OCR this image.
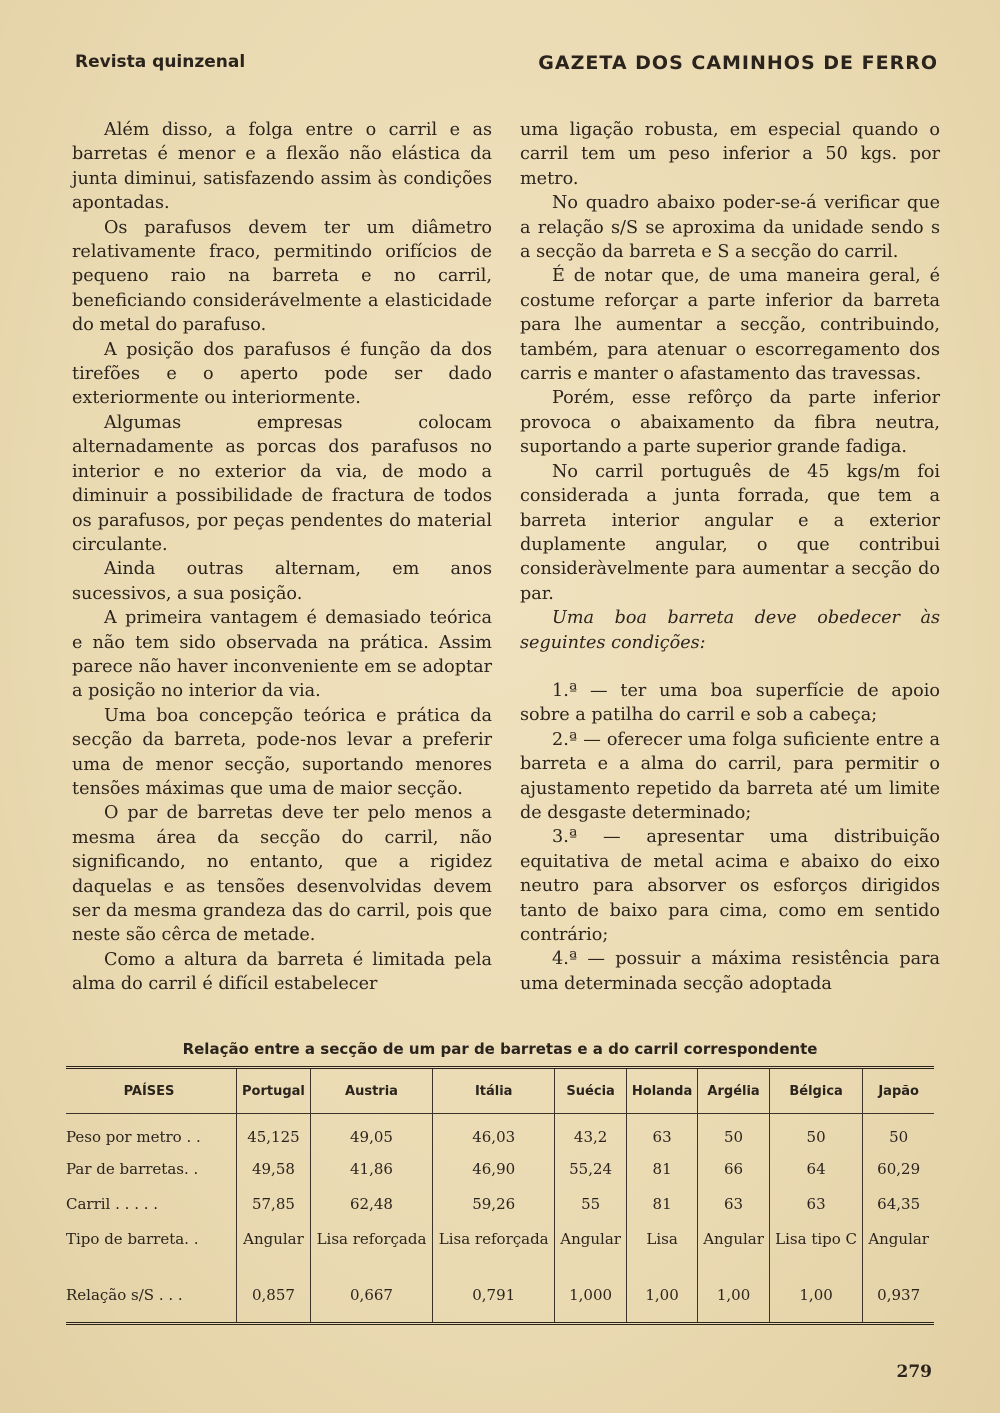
Revista quinzenal	GAZETA DOS CAMINHOS DE FERRO

Além disso, a folga entre o carril e as barretas é menor e a flexão não elástica da junta diminui, satisfazendo assim às condições apontadas.

Os parafusos devem ter um diâmetro relativamente fraco, permitindo orifícios de pequeno raio na barreta e no carril, beneficiando considerávelmente a elasticidade do metal do parafuso.

A posição dos parafusos é função da dos tirefões e o aperto pode ser dado exteriormente ou interiormente.

Algumas empresas colocam alternadamente as porcas dos parafusos no interior e no exterior da via, de modo a diminuir a possibilidade de fractura de todos os parafusos, por peças pendentes do material circulante.

Ainda outras alternam, em anos sucessivos, a sua posição.

A primeira vantagem é demasiado teórica e não tem sido observada na prática. Assim parece não haver inconveniente em se adoptar a posição no interior da via.

Uma boa concepção teórica e prática da secção da barreta, pode-nos levar a preferir uma de menor secção, suportando menores tensões máximas que uma de maior secção.

O par de barretas deve ter pelo menos a mesma área da secção do carril, não significando, no entanto, que a rigidez daquelas e as tensões desenvolvidas devem ser da mesma grandeza das do carril, pois que neste são cêrca de metade.

Como a altura da barreta é limitada pela alma do carril é difícil estabelecer

uma ligação robusta, em especial quando o carril tem um peso inferior a 50 kgs. por metro.

No quadro abaixo poder-se-á verificar que a relação s/S se aproxima da unidade sendo s a secção da barreta e S a secção do carril.

É de notar que, de uma maneira geral, é costume reforçar a parte inferior da barreta para lhe aumentar a secção, contribuindo, também, para atenuar o escorregamento dos carris e manter o afastamento das travessas.

Porém, esse refôrço da parte inferior provoca o abaixamento da fibra neutra, suportando a parte superior grande fadiga.

No carril português de 45 kgs/m foi considerada a junta forrada, que tem a barreta interior angular e a exterior duplamente angular, o que contribui consideràvelmente para aumentar a secção do par.

Uma boa barreta deve obedecer às seguintes condições:

1.ª — ter uma boa superfície de apoio sobre a patilha do carril e sob a cabeça;

2.ª — oferecer uma folga suficiente entre a barreta e a alma do carril, para permitir o ajustamento repetido da barreta até um limite de desgaste determinado;

3.ª — apresentar uma distribuição equitativa de metal acima e abaixo do eixo neutro para absorver os esforços dirigidos tanto de baixo para cima, como em sentido contrário;

4.ª — possuir a máxima resistência para uma determinada secção adoptada

Relação entre a secção de um par de barretas e a do carril correspondente
PAÍSES	Portugal	Austria	Itália	Suécia	Holanda	Argélia	Bélgica	Japão
Peso por metro . .	45,125	49,05	46,03	43,2	63	50	50	50
Par de barretas. .	49,58	41,86	46,90	55,24	81	66	64	60,29
Carril . . . . .	57,85	62,48	59,26	55	81	63	63	64,35
Tipo de barreta. .	Angular	Lisa reforçada	Lisa reforçada	Angular	Lisa	Angular	Lisa tipo C	Angular
Relação s/S . . .	0,857	0,667	0,791	1,000	1,00	1,00	1,00	0,937
279
